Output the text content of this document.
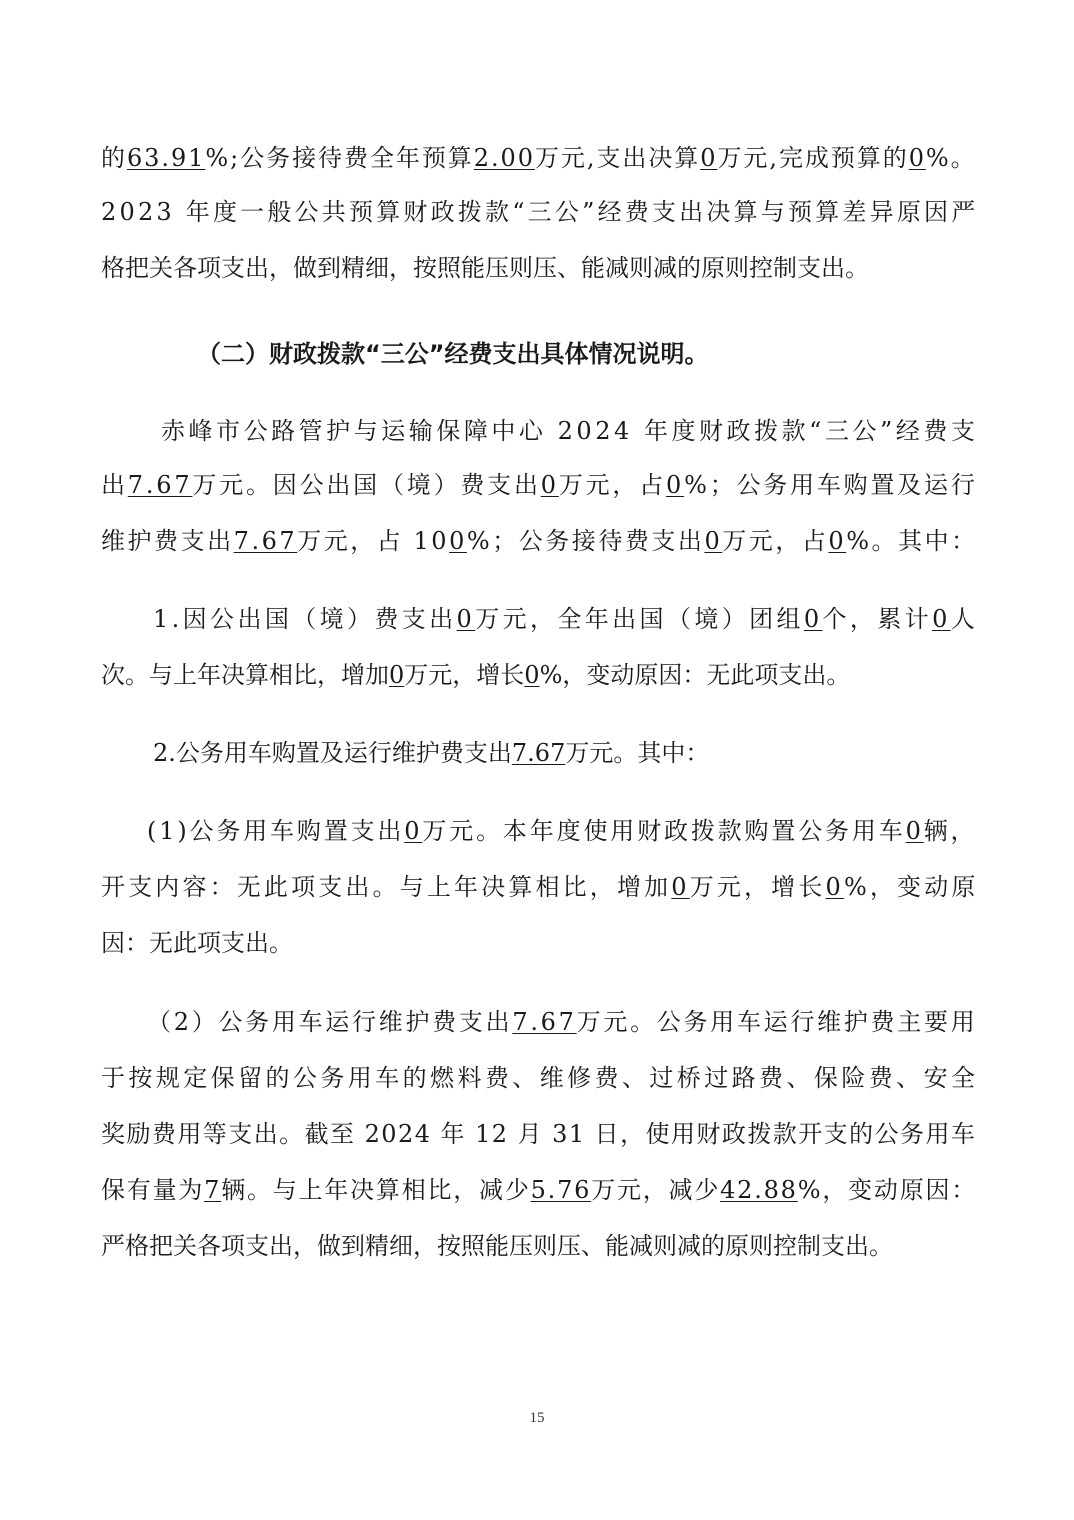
的63.91%;公务接待费全年预算2.00万元,支出决算0万元,完成预算的0%。
2023 年度一般公共预算财政拨款“三公”经费支出决算与预算差异原因严
格把关各项支出，做到精细，按照能压则压、能减则减的原则控制支出。
（二）财政拨款“三公”经费支出具体情况说明。
赤峰市公路管护与运输保障中心 2024 年度财政拨款“三公”经费支
出7.67万元。因公出国（境）费支出0万元，占0%；公务用车购置及运行
维护费支出7.67万元，占 100%；公务接待费支出0万元，占0%。其中：
1.因公出国（境）费支出0万元，全年出国（境）团组0个，累计0人
次。与上年决算相比，增加0万元，增长0%，变动原因：无此项支出。
2.公务用车购置及运行维护费支出7.67万元。其中：
(1)公务用车购置支出0万元。本年度使用财政拨款购置公务用车0辆，
开支内容：无此项支出。与上年决算相比，增加0万元，增长0%，变动原
因：无此项支出。
（2）公务用车运行维护费支出7.67万元。公务用车运行维护费主要用
于按规定保留的公务用车的燃料费、维修费、过桥过路费、保险费、安全
奖励费用等支出。截至 2024 年 12 月 31 日，使用财政拨款开支的公务用车
保有量为7辆。与上年决算相比，减少5.76万元，减少42.88%，变动原因：
严格把关各项支出，做到精细，按照能压则压、能减则减的原则控制支出。
15
